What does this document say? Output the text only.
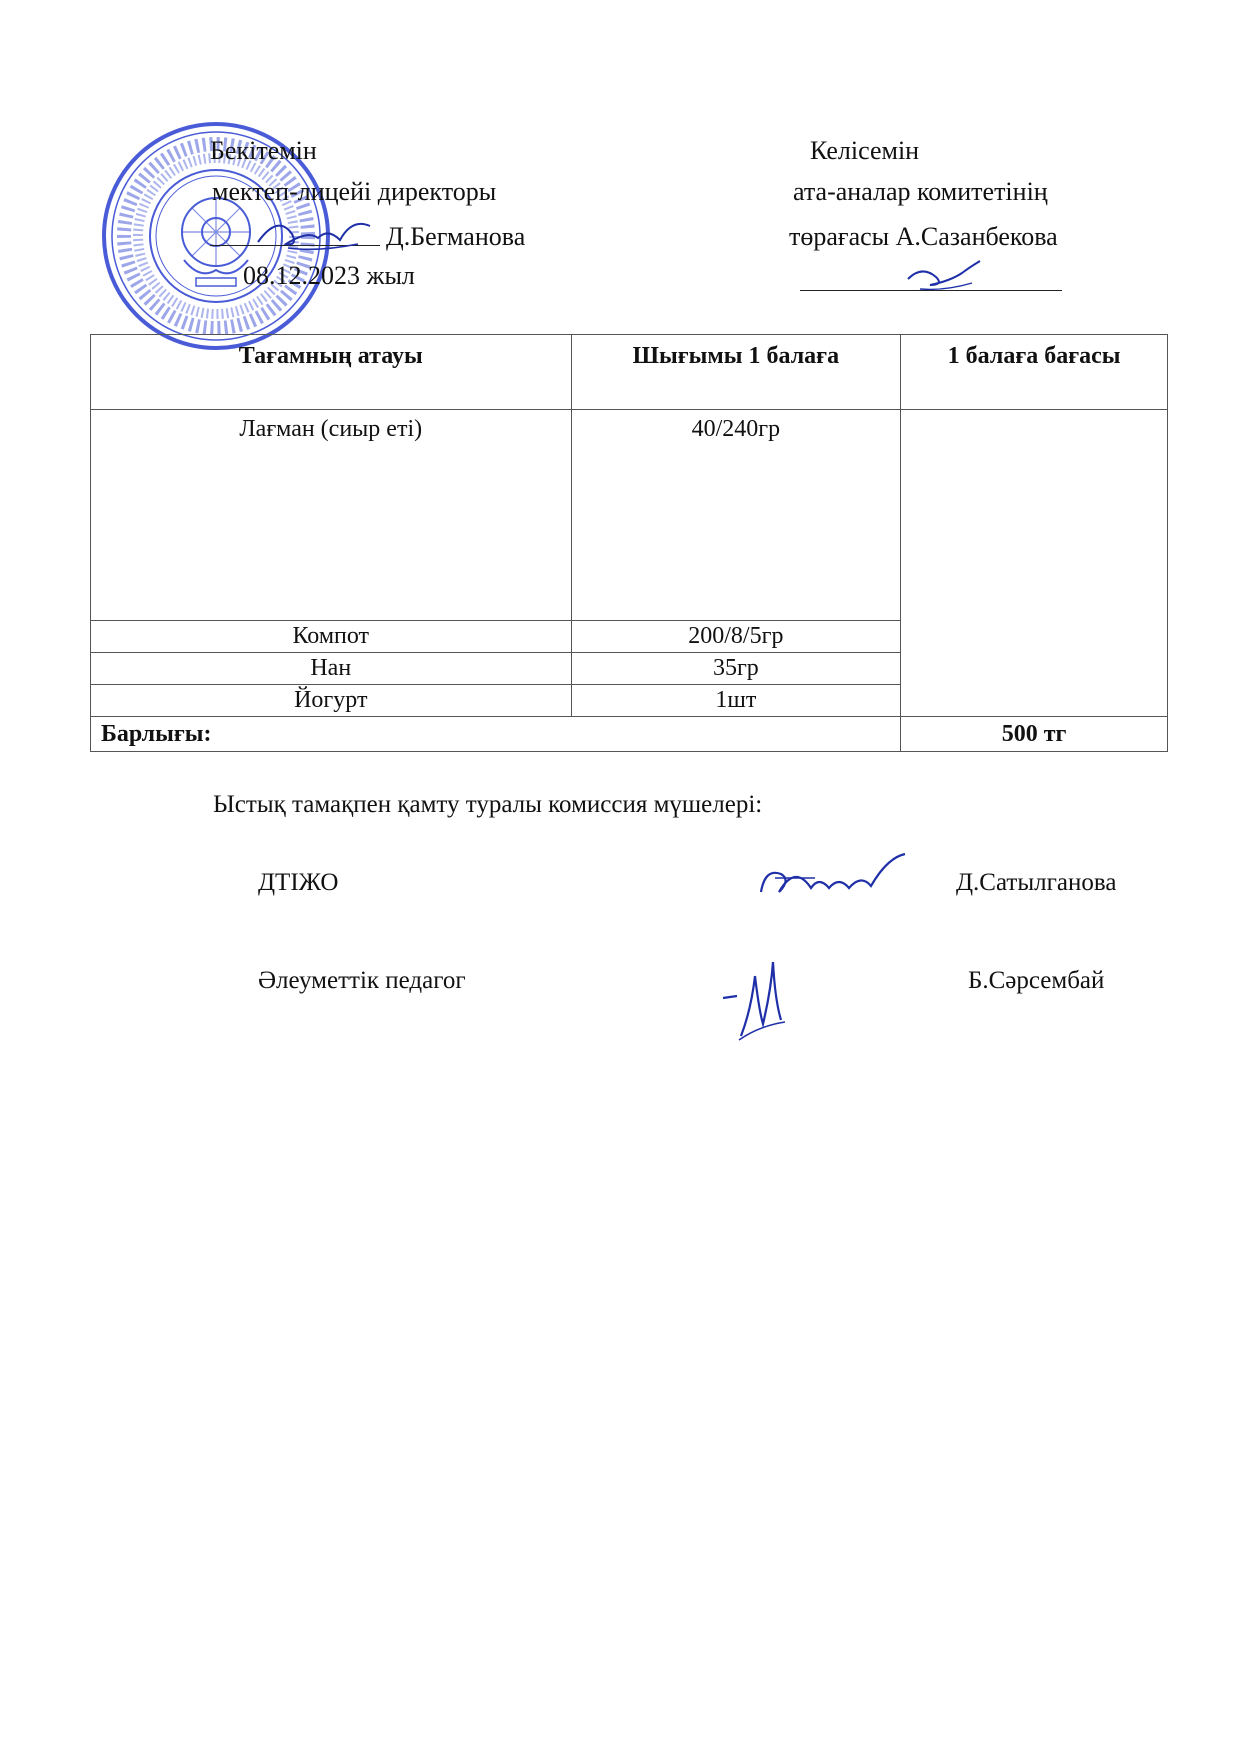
Бекітемін
мектеп-лицейі директоры
Д.Бегманова
08.12.2023 жыл
Келісемін
ата-аналар комитетінің
төрағасы А.Сазанбекова
Тағамның атауы	Шығымы 1 балаға	1 балаға бағасы
Лағман (сиыр еті)	40/240гр	
Компот	200/8/5гр	
Нан	35гр	
Йогурт	1шт	
Барлығы:		500 тг
Ыстық тамақпен қамту туралы комиссия мүшелері:
ДТІЖО	Д.Сатылганова
Әлеуметтік педагог	Б.Сәрсембай
